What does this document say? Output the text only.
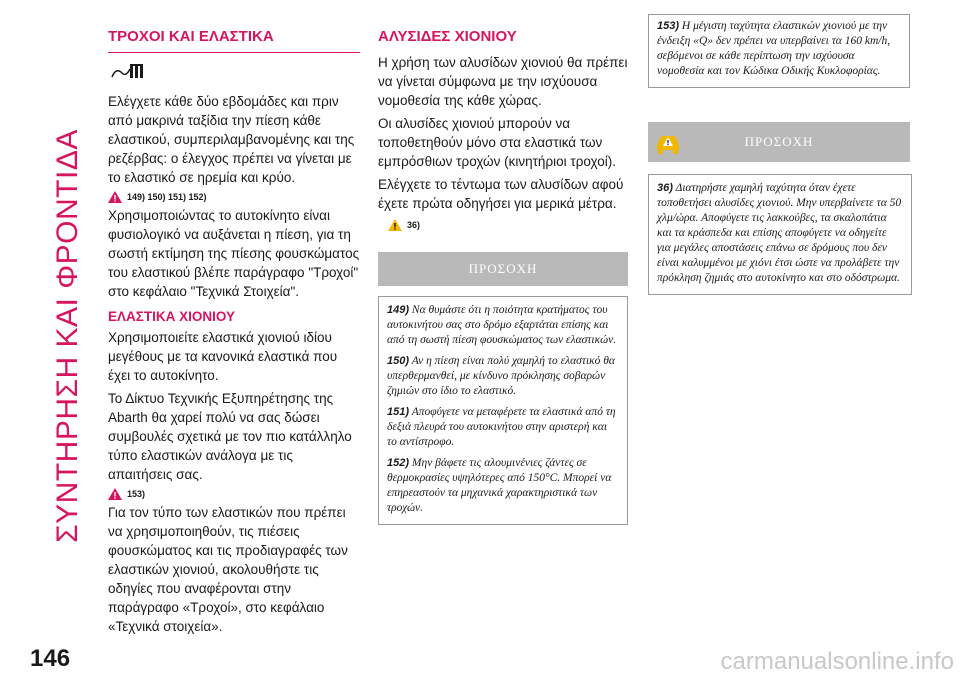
ΣΥΝΤΗΡΗΣΗ ΚΑΙ ΦΡΟΝΤΙΔΑ
146
ΤΡΟΧΟΙ ΚΑΙ ΕΛΑΣΤΙΚΑ

Ελέγχετε κάθε δύο εβδομάδες και πριν από μακρινά ταξίδια την πίεση κάθε ελαστικού, συμπεριλαμβανομένης και της ρεζέρβας: ο έλεγχος πρέπει να γίνεται με το ελαστικό σε ηρεμία και κρύο.

149) 150) 151) 152)

Χρησιμοποιώντας το αυτοκίνητο είναι φυσιολογικό να αυξάνεται η πίεση, για τη σωστή εκτίμηση της πίεσης φουσκώματος του ελαστικού βλέπε παράγραφο "Τροχοί" στο κεφάλαιο "Τεχνικά Στοιχεία".

ΕΛΑΣΤΙΚΑ ΧΙΟΝΙΟΥ

Χρησιμοποιείτε ελαστικά χιονιού ιδίου μεγέθους με τα κανονικά ελαστικά που έχει το αυτοκίνητο.

Το Δίκτυο Τεχνικής Εξυπηρέτησης της Abarth θα χαρεί πολύ να σας δώσει συμβουλές σχετικά με τον πιο κατάλληλο τύπο ελαστικών ανάλογα με τις απαιτήσεις σας.

153)

Για τον τύπο των ελαστικών που πρέπει να χρησιμοποιηθούν, τις πιέσεις φουσκώματος και τις προδιαγραφές των ελαστικών χιονιού, ακολουθήστε τις οδηγίες που αναφέρονται στην παράγραφο «Τροχοί», στο κεφάλαιο «Τεχνικά στοιχεία».

ΑΛΥΣΙΔΕΣ ΧΙΟΝΙΟΥ

Η χρήση των αλυσίδων χιονιού θα πρέπει να γίνεται σύμφωνα με την ισχύουσα νομοθεσία της κάθε χώρας.

Οι αλυσίδες χιονιού μπορούν να τοποθετηθούν μόνο στα ελαστικά των εμπρόσθιων τροχών (κινητήριοι τροχοί).

Ελέγχετε το τέντωμα των αλυσίδων αφού έχετε πρώτα οδηγήσει για μερικά μέτρα.

36)
ΠΡΟΣΟΧΗ

149) Να θυμάστε ότι η ποιότητα κρατήματος του αυτοκινήτου σας στο δρόμο εξαρτάται επίσης και από τη σωστή πίεση φουσκώματος των ελαστικών.

150) Αν η πίεση είναι πολύ χαμηλή το ελαστικό θα υπερθερμανθεί, με κίνδυνο πρόκλησης σοβαρών ζημιών στο ίδιο το ελαστικό.

151) Αποφύγετε να μεταφέρετε τα ελαστικά από τη δεξιά πλευρά του αυτοκινήτου στην αριστερή και το αντίστροφο.

152) Μην βάφετε τις αλουμινένιες ζάντες σε θερμοκρασίες υψηλότερες από 150°C. Μπορεί να επηρεαστούν τα μηχανικά χαρακτηριστικά των τροχών.

153) Η μέγιστη ταχύτητα ελαστικών χιονιού με την ένδειξη «Q» δεν πρέπει να υπερβαίνει τα 160 km/h, σεβόμενοι σε κάθε περίπτωση την ισχύουσα νομοθεσία και τον Κώδικα Οδικής Κυκλοφορίας.

ΠΡΟΣΟΧΗ

36) Διατηρήστε χαμηλή ταχύτητα όταν έχετε τοποθετήσει αλυσίδες χιονιού. Μην υπερβαίνετε τα 50 χλμ/ώρα. Αποφύγετε τις λακκούβες, τα σκαλοπάτια και τα κράσπεδα και επίσης αποφύγετε να οδηγείτε για μεγάλες αποστάσεις επάνω σε δρόμους που δεν είναι καλυμμένοι με χιόνι έτσι ώστε να προλάβετε την πρόκληση ζημιάς στο αυτοκίνητο και στο οδόστρωμα.

carmanualsonline.info
